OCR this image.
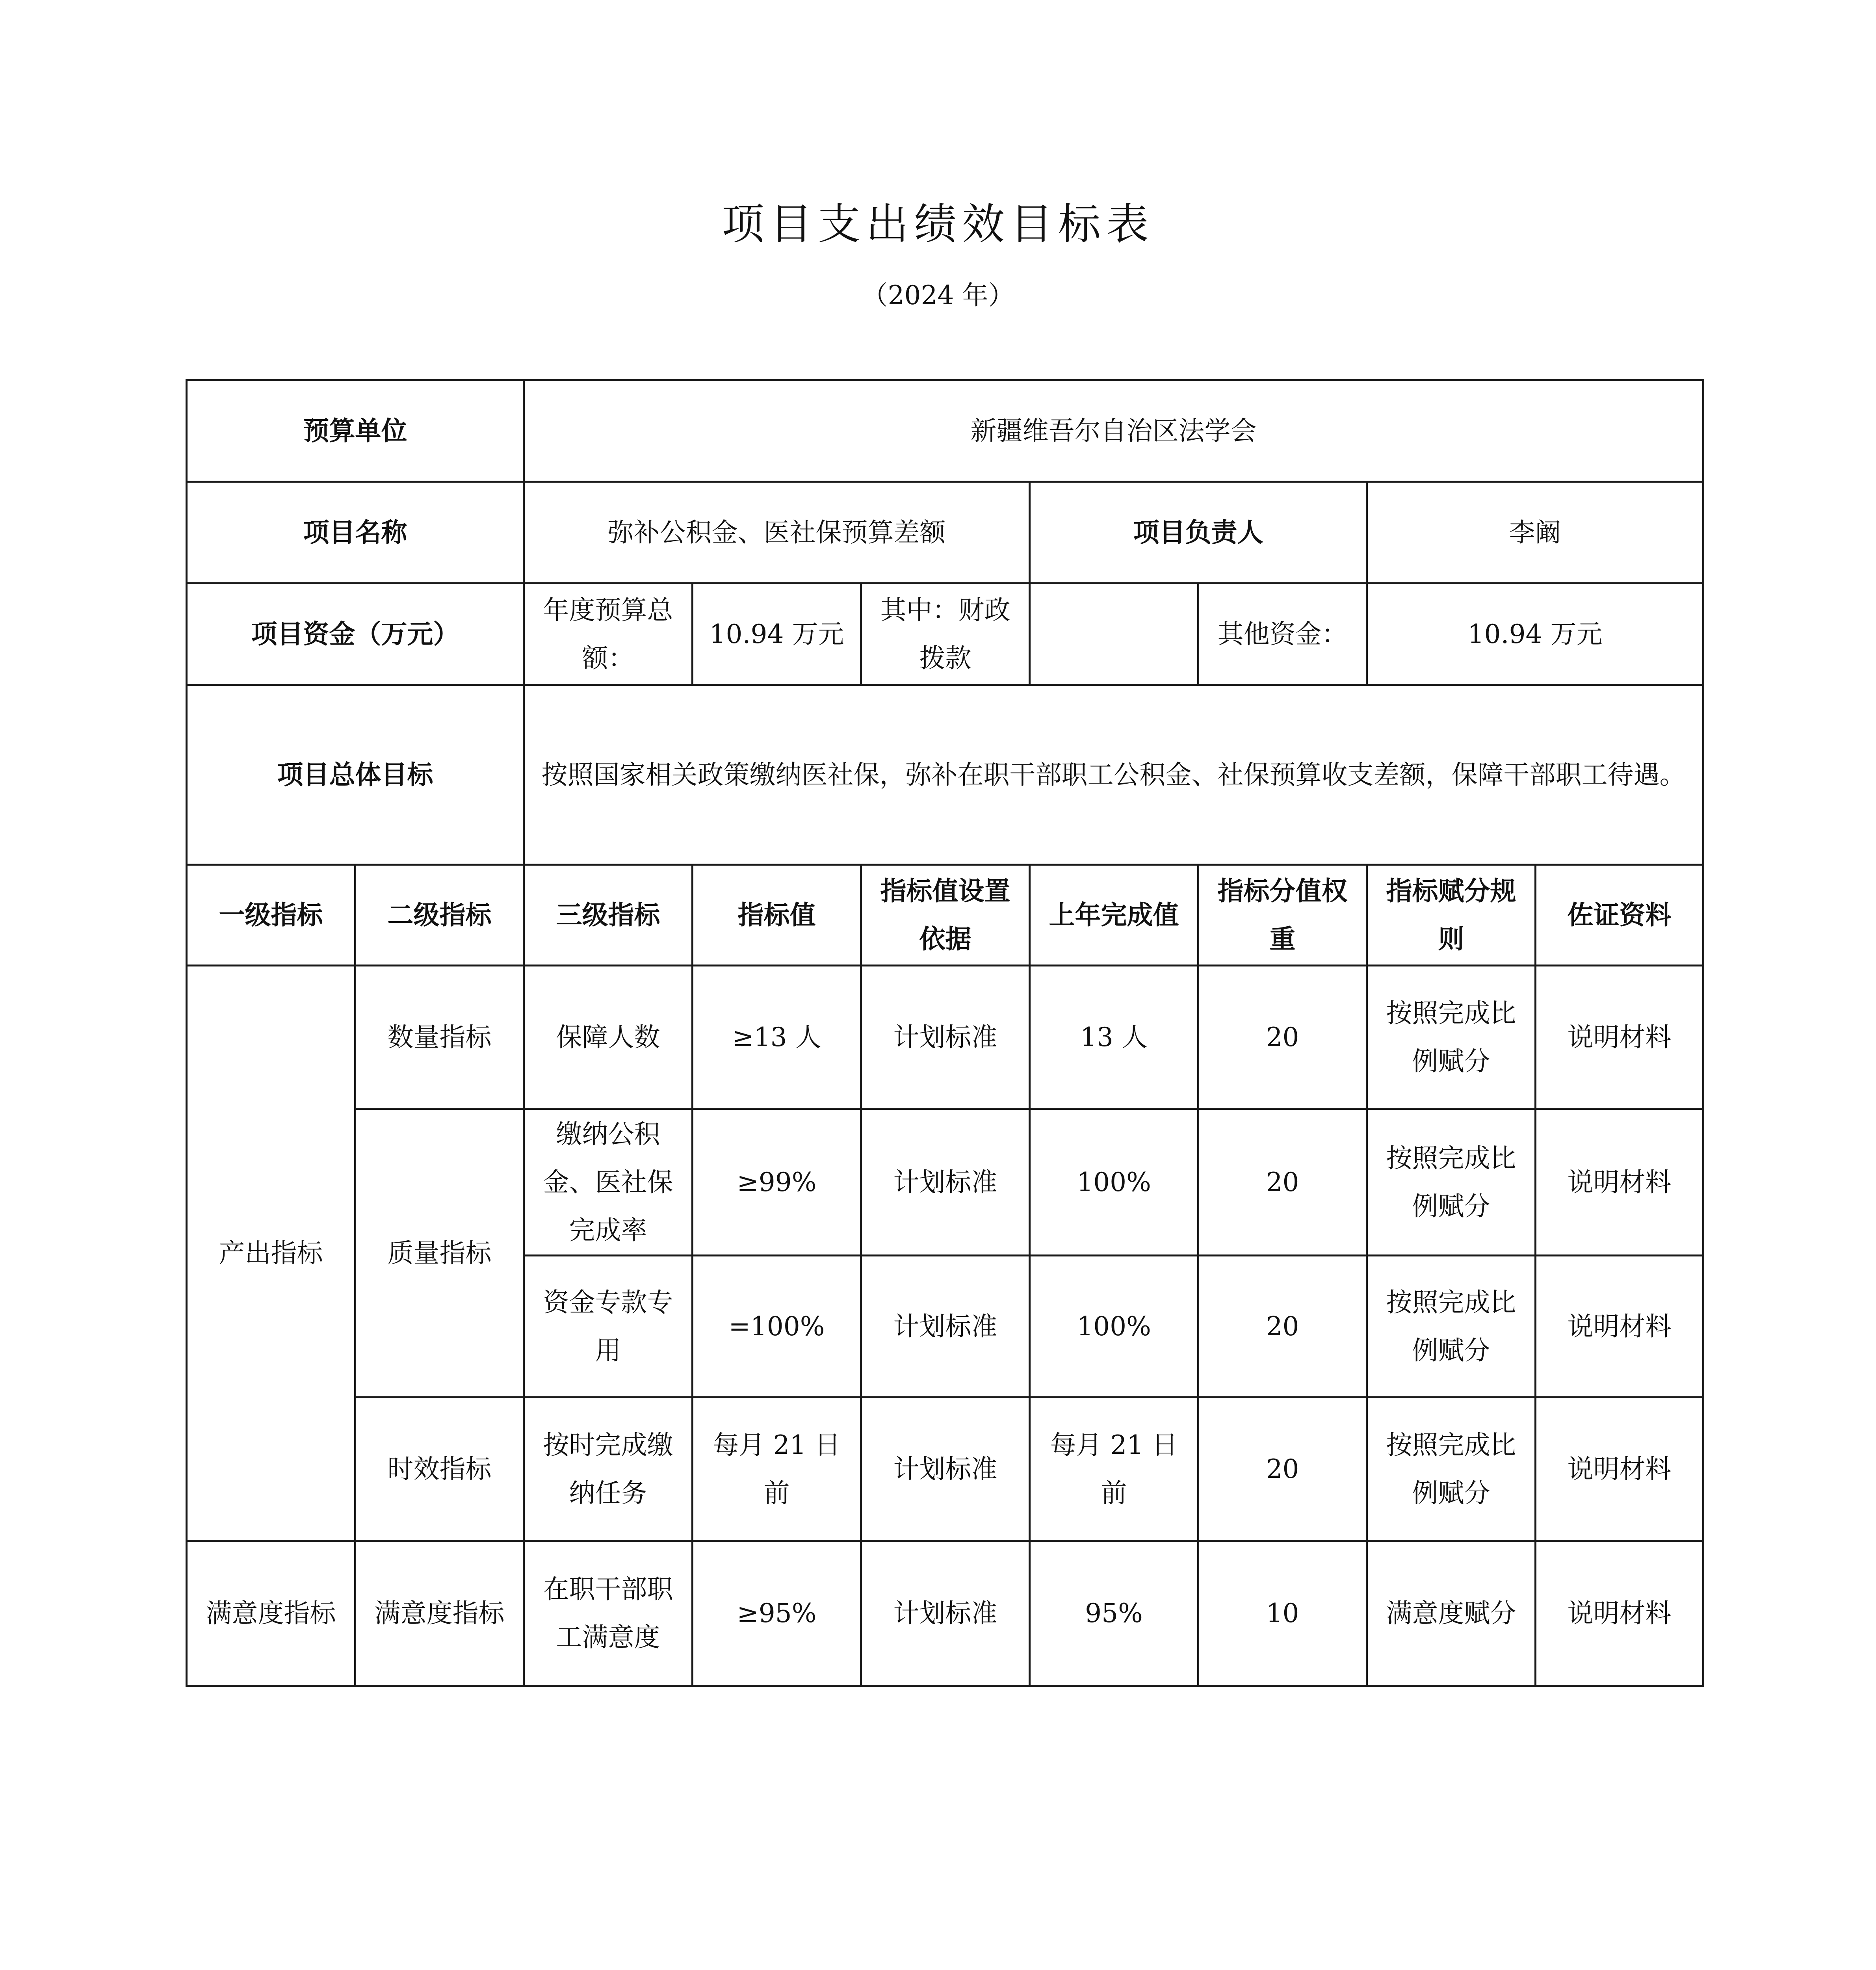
项目支出绩效目标表
（2024 年）
预算单位		新疆维吾尔自治区法学会						
项目名称		弥补公积金、医社保预算差额			项目负责人		李阚	
项目资金（万元）		年度预算总额：	10.94 万元	其中：财政拨款		其他资金：	10.94 万元	
项目总体目标		按照国家相关政策缴纳医社保，弥补在职干部职工公积金、社保预算收支差额，保障干部职工待遇。						
一级指标	二级指标	三级指标	指标值	指标值设置依据	上年完成值	指标分值权重	指标赋分规则	佐证资料
产出指标	数量指标	保障人数	≥13 人	计划标准	13 人	20	按照完成比例赋分	说明材料
	质量指标	缴纳公积金、医社保完成率	≥99%	计划标准	100%	20	按照完成比例赋分	说明材料
		资金专款专用	=100%	计划标准	100%	20	按照完成比例赋分	说明材料
	时效指标	按时完成缴纳任务	每月 21 日前	计划标准	每月 21 日前	20	按照完成比例赋分	说明材料
满意度指标	满意度指标	在职干部职工满意度	≥95%	计划标准	95%	10	满意度赋分	说明材料
